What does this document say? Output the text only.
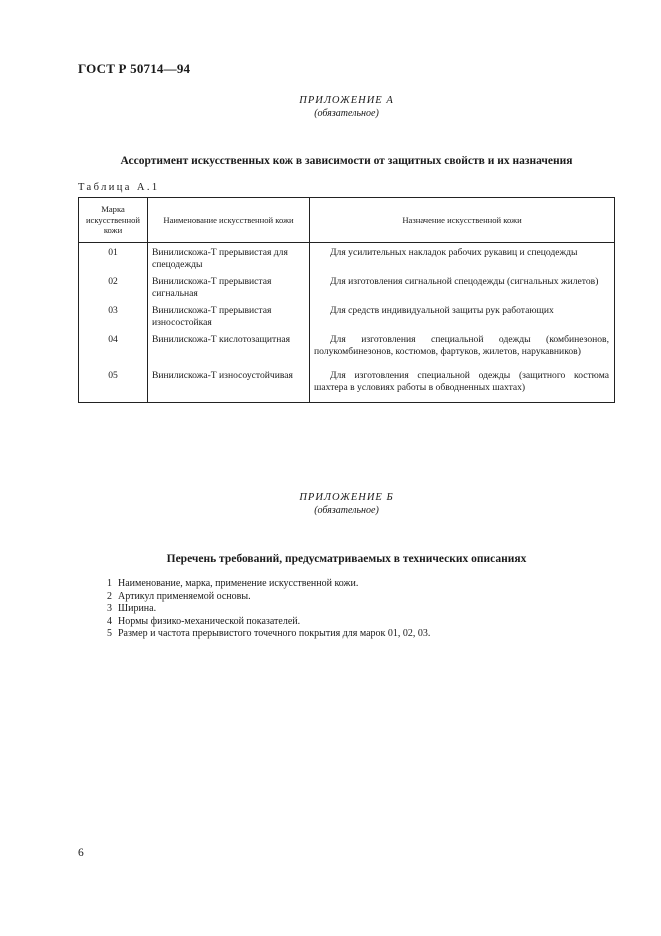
ГОСТ Р 50714—94
ПРИЛОЖЕНИЕ А
(обязательное)
Ассортимент искусственных кож в зависимости от защитных свойств и их назначения
Таблица А.1
Марка искусственной кожи	Наименование искусственной кожи	Назначение искусственной кожи
01	Винилискожа-Т прерывистая для спецодежды	Для усилительных накладок рабочих рукавиц и спецодежды
02	Винилискожа-Т прерывистая сигнальная	Для изготовления сигнальной спецодежды (сигнальных жилетов)
03	Винилискожа-Т прерывистая износостойкая	Для средств индивидуальной защиты рук работающих
04	Винилискожа-Т кислотозащитная	Для изготовления специальной одежды (комбинезонов, полукомбинезонов, костюмов, фартуков, жилетов, нарукавников)
05	Винилискожа-Т износоустойчивая	Для изготовления специальной одежды (защитного костюма шахтера в условиях работы в обводненных шахтах)
ПРИЛОЖЕНИЕ Б
(обязательное)
Перечень требований, предусматриваемых в технических описаниях
1 Наименование, марка, применение искусственной кожи.
2 Артикул применяемой основы.
3 Ширина.
4 Нормы физико-механической показателей.
5 Размер и частота прерывистого точечного покрытия для марок 01, 02, 03.
6
